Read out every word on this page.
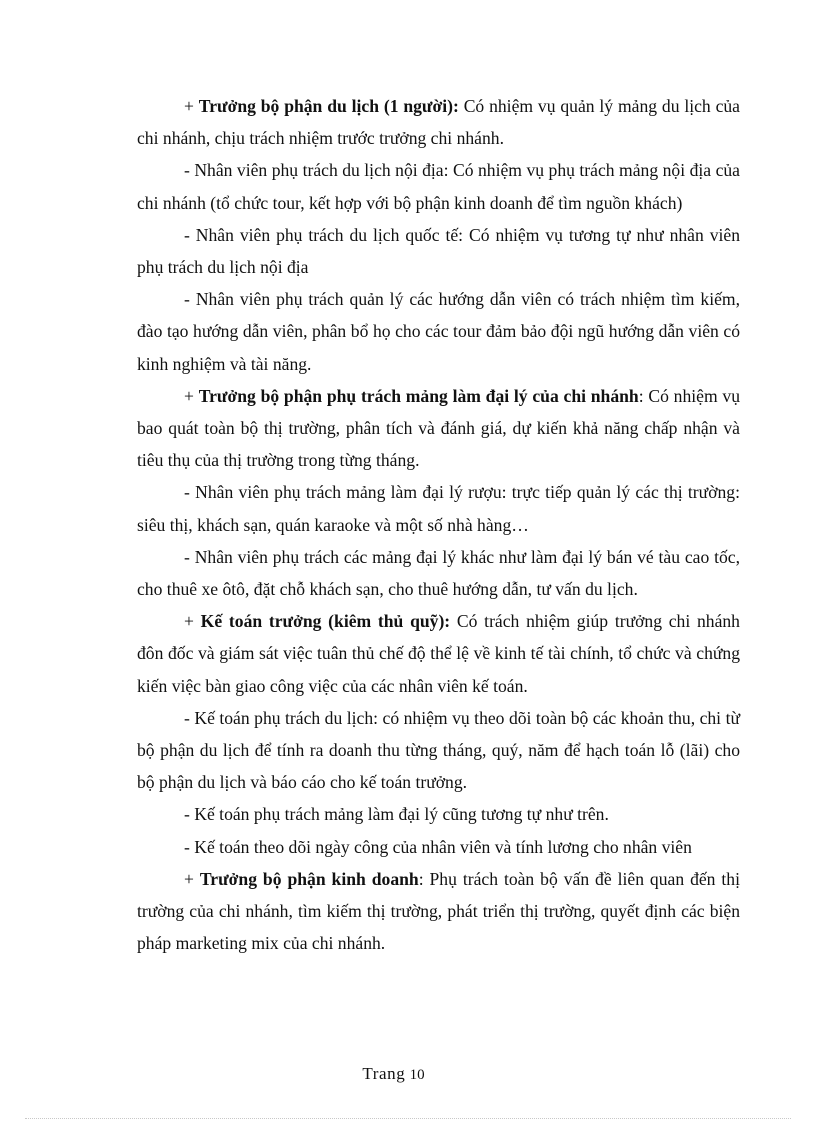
+ Trưởng bộ phận du lịch (1 người): Có nhiệm vụ quản lý mảng du lịch của chi nhánh, chịu trách nhiệm trước trưởng chi nhánh.

- Nhân viên phụ trách du lịch nội địa: Có nhiệm vụ phụ trách mảng nội địa của chi nhánh (tổ chức tour, kết hợp với bộ phận kinh doanh để tìm nguồn khách)

- Nhân viên phụ trách du lịch quốc tế: Có nhiệm vụ tương tự như nhân viên phụ trách du lịch nội địa

- Nhân viên phụ trách quản lý các hướng dẫn viên có trách nhiệm tìm kiếm, đào tạo hướng dẫn viên, phân bổ họ cho các tour đảm bảo đội ngũ hướng dẫn viên có kinh nghiệm và tài năng.

+ Trưởng bộ phận phụ trách mảng làm đại lý của chi nhánh: Có nhiệm vụ bao quát toàn bộ thị trường, phân tích và đánh giá, dự kiến khả năng chấp nhận và tiêu thụ của thị trường trong từng tháng.

- Nhân viên phụ trách mảng làm đại lý rượu: trực tiếp quản lý các thị trường: siêu thị, khách sạn, quán karaoke và một số nhà hàng…

- Nhân viên phụ trách các mảng đại lý khác như làm đại lý bán vé tàu cao tốc, cho thuê xe ôtô, đặt chỗ khách sạn, cho thuê hướng dẫn, tư vấn du lịch.

+ Kế toán trưởng (kiêm thủ quỹ): Có trách nhiệm giúp trưởng chi nhánh đôn đốc và giám sát việc tuân thủ chế độ thể lệ về kinh tế tài chính, tổ chức và chứng kiến việc bàn giao công việc của các nhân viên kế toán.

- Kế toán phụ trách du lịch: có nhiệm vụ theo dõi toàn bộ các khoản thu, chi từ bộ phận du lịch để tính ra doanh thu từng tháng, quý, năm để hạch toán lỗ (lãi) cho bộ phận du lịch và báo cáo cho kế toán trưởng.

- Kế toán phụ trách mảng làm đại lý cũng tương tự như trên.

- Kế toán theo dõi ngày công của nhân viên và tính lương cho nhân viên

+ Trưởng bộ phận kinh doanh: Phụ trách toàn bộ vấn đề liên quan đến thị trường của chi nhánh, tìm kiếm thị trường, phát triển thị trường, quyết định các biện pháp marketing mix của chi nhánh.

Trang 10
